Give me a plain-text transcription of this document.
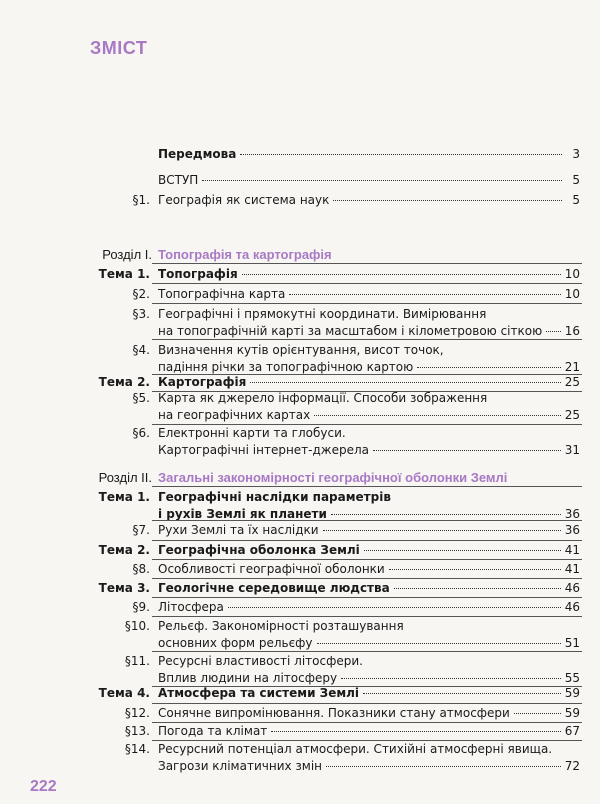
ЗМІСТ
Передмова	3
ВСТУП	5
§1. Географія як система наук	5
Розділ І. Топографія та картографія
Тема 1. Топографія	10
§2. Топографічна карта	10
§3. Географічні і прямокутні координати. Вимірювання
на топографічній карті за масштабом і кілометровою сіткою 16
§4. Визначення кутів орієнтування, висот точок,
падіння річки за топографічною картою	21
Тема 2. Картографія	25
§5. Карта як джерело інформації. Способи зображення
на географічних картах	25
§6. Електронні карти та глобуси.
Картографічні інтернет-джерела	31
Розділ ІІ. Загальні закономірності географічної оболонки Землі
Тема 1. Географічні наслідки параметрів
і рухів Землі як планети	36
§7. Рухи Землі та їх наслідки	36
Тема 2. Географічна оболонка Землі	41
§8. Особливості географічної оболонки	41
Тема 3. Геологічне середовище людства	46
§9. Літосфера	46
§10. Рельєф. Закономірності розташування
основних форм рельєфу	51
§11. Ресурсні властивості літосфери.
Вплив людини на літосферу	55
Тема 4. Атмосфера та системи Землі	59
§12. Сонячне випромінювання. Показники стану атмосфери	59
§13. Погода та клімат	67
§14. Ресурсний потенціал атмосфери. Стихійні атмосферні явища.
Загрози кліматичних змін	72
222
